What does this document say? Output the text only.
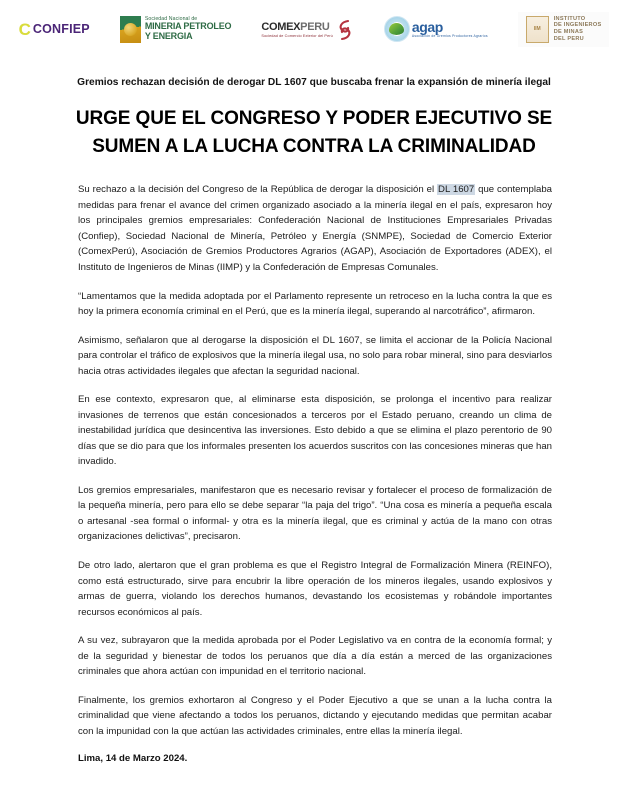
C CONFIEP
Sociedad Nacional de
MINERIA PETROLEO
Y ENERGIA
COMEXPERU
Sociedad de Comercio Exterior del Perú
agap
Asociación de Gremios Productores Agrarios
IIM
INSTITUTO
DE INGENIEROS
DE MINAS
DEL PERU
Gremios rechazan decisión de derogar DL 1607 que buscaba frenar la expansión de minería ilegal
URGE QUE EL CONGRESO Y PODER EJECUTIVO SE
SUMEN A LA LUCHA CONTRA LA CRIMINALIDAD

Su rechazo a la decisión del Congreso de la República de derogar la disposición el DL 1607 que contemplaba medidas para frenar el avance del crimen organizado asociado a la minería ilegal en el país, expresaron hoy los principales gremios empresariales: Confederación Nacional de Instituciones Empresariales Privadas (Confiep), Sociedad Nacional de Minería, Petróleo y Energía (SNMPE), Sociedad de Comercio Exterior (ComexPerú), Asociación de Gremios Productores Agrarios (AGAP), Asociación de Exportadores (ADEX), el Instituto de Ingenieros de Minas (IIMP) y la Confederación de Empresas Comunales.

“Lamentamos que la medida adoptada por el Parlamento represente un retroceso en la lucha contra la que es hoy la primera economía criminal en el Perú, que es la minería ilegal, superando al narcotráfico”, afirmaron.

Asimismo, señalaron que al derogarse la disposición el DL 1607, se limita el accionar de la Policía Nacional para controlar el tráfico de explosivos que la minería ilegal usa, no solo para robar mineral, sino para desviarlos hacia otras actividades ilegales que afectan la seguridad nacional.

En ese contexto, expresaron que, al eliminarse esta disposición, se prolonga el incentivo para realizar invasiones de terrenos que están concesionados a terceros por el Estado peruano, creando un clima de inestabilidad jurídica que desincentiva las inversiones. Esto debido a que se elimina el plazo perentorio de 90 días que se dio para que los informales presenten los acuerdos suscritos con las concesiones mineras que han invadido.

Los gremios empresariales, manifestaron que es necesario revisar y fortalecer el proceso de formalización de la pequeña minería, pero para ello se debe separar “la paja del trigo”. “Una cosa es minería a pequeña escala o artesanal -sea formal o informal- y otra es la minería ilegal, que es criminal y actúa de la mano con otras organizaciones delictivas”, precisaron.

De otro lado, alertaron que el gran problema es que el Registro Integral de Formalización Minera (REINFO), como está estructurado, sirve para encubrir la libre operación de los mineros ilegales, usando explosivos y armas de guerra, violando los derechos humanos, devastando los ecosistemas y robándole importantes recursos económicos al país.

A su vez, subrayaron que la medida aprobada por el Poder Legislativo va en contra de la economía formal; y de la seguridad y bienestar de todos los peruanos que día a día están a merced de las organizaciones criminales que ahora actúan con impunidad en el territorio nacional.

Finalmente, los gremios exhortaron al Congreso y el Poder Ejecutivo a que se unan a la lucha contra la criminalidad que viene afectando a todos los peruanos, dictando y ejecutando medidas que permitan acabar con la impunidad con la que actúan las actividades criminales, entre ellas la minería ilegal.

Lima, 14 de Marzo 2024.
